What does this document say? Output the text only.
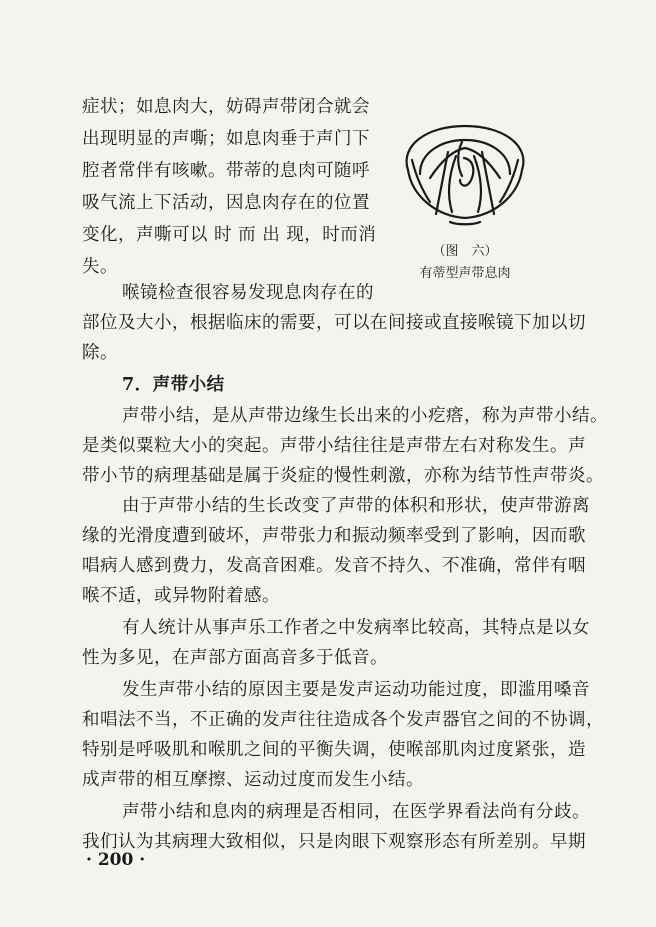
症状；如息肉大，妨碍声带闭合就会
出现明显的声嘶；如息肉垂于声门下
腔者常伴有咳嗽。带蒂的息肉可随呼
吸气流上下活动，因息肉存在的位置
变化，声嘶可以 时 而 出 现，时而消
失。
喉镜检查很容易发现息肉存在的
部位及大小，根据临床的需要，可以在间接或直接喉镜下加以切
除。
7．声带小结
声带小结，是从声带边缘生长出来的小疙瘩，称为声带小结。
是类似粟粒大小的突起。声带小结往往是声带左右对称发生。声
带小节的病理基础是属于炎症的慢性刺激，亦称为结节性声带炎。
由于声带小结的生长改变了声带的体积和形状，使声带游离
缘的光滑度遭到破坏，声带张力和振动频率受到了影响，因而歌
唱病人感到费力，发高音困难。发音不持久、不准确，常伴有咽
喉不适，或异物附着感。
有人统计从事声乐工作者之中发病率比较高，其特点是以女
性为多见，在声部方面高音多于低音。
发生声带小结的原因主要是发声运动功能过度，即滥用嗓音
和唱法不当，不正确的发声往往造成各个发声器官之间的不协调，
特别是呼吸肌和喉肌之间的平衡失调，使喉部肌肉过度紧张，造
成声带的相互摩擦、运动过度而发生小结。
声带小结和息肉的病理是否相同，在医学界看法尚有分歧。
我们认为其病理大致相似，只是肉眼下观察形态有所差别。早期
（图　六）
有蒂型声带息肉
· 200 ·
